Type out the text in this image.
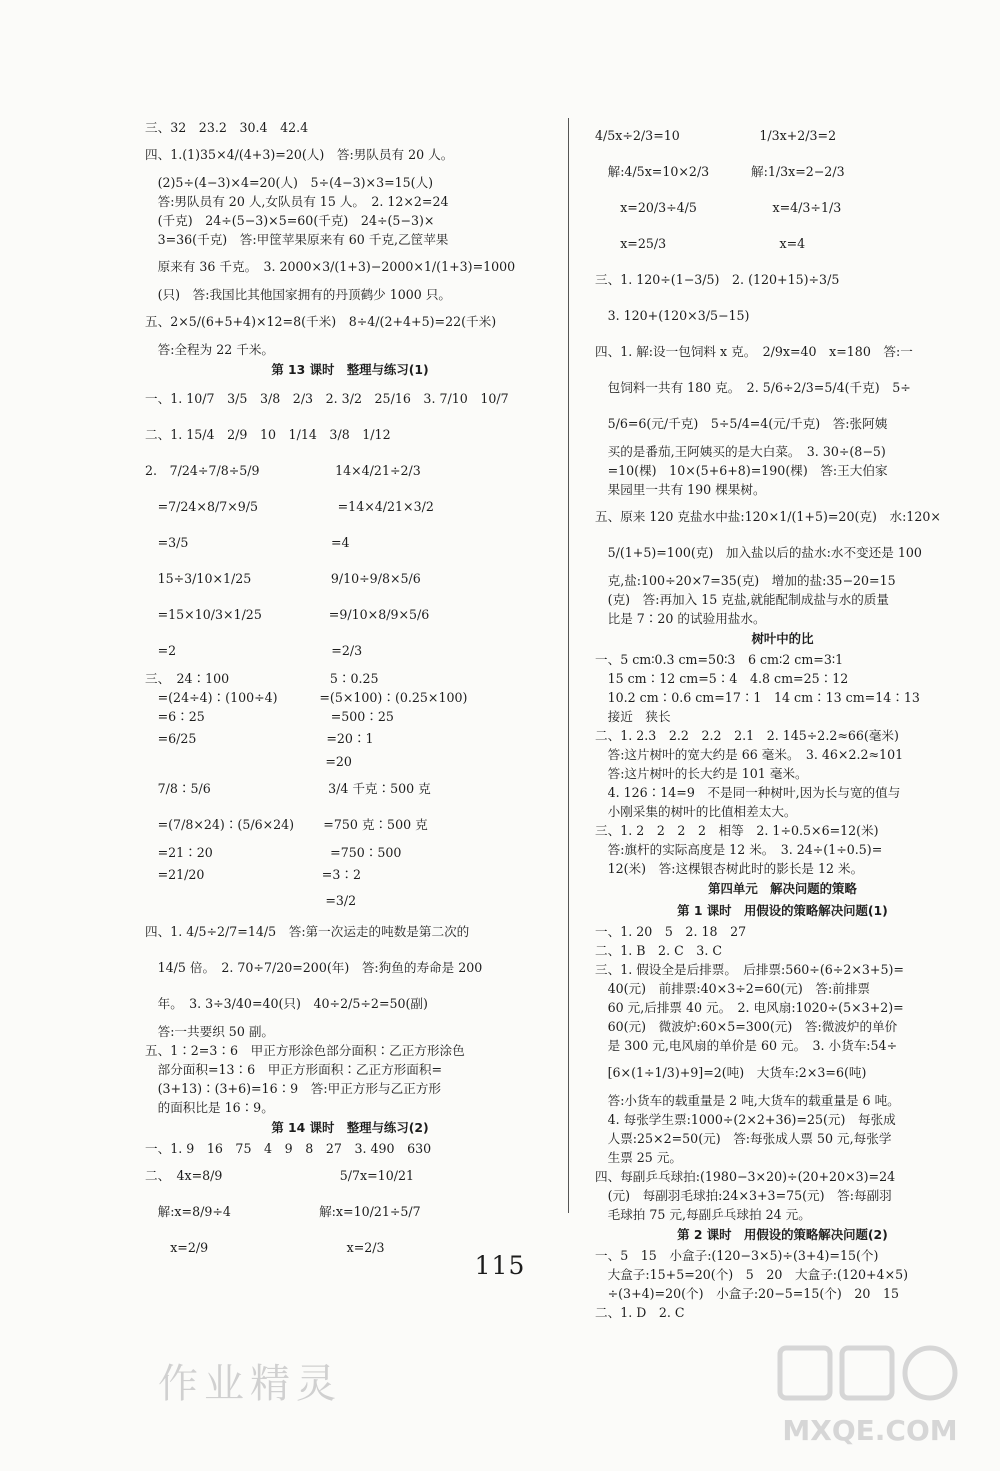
三、32　23.2　30.4　42.4
四、1.(1)35×4/(4+3)=20(人)　答:男队员有 20 人。
　(2)5÷(4−3)×4=20(人)　5÷(4−3)×3=15(人)
　答:男队员有 20 人,女队员有 15 人。　2. 12×2=24
　(千克)　24÷(5−3)×5=60(千克)　24÷(5−3)×
　3=36(千克)　答:甲筐苹果原来有 60 千克,乙筐苹果
　原来有 36 千克。　3. 2000×3/(1+3)−2000×1/(1+3)=1000
　(只)　答:我国比其他国家拥有的丹顶鹤少 1000 只。
五、2×5/(6+5+4)×12=8(千米)　8÷4/(2+4+5)=22(千米)
　答:全程为 22 千米。
第 13 课时　整理与练习(1)
一、1. 10/7　3/5　3/8　2/3　2. 3/2　25/16　3. 7/10　10/7
二、1. 15/4　2/9　10　1/14　3/8　1/12
2.　7/24÷7/8÷5/9　　　　　　14×4/21÷2/3
　=7/24×8/7×9/5　　　　　　 =14×4/21×3/2
　=3/5　　　　　　　　　　　 =4
　15÷3/10×1/25　　　　　　 9/10÷9/8×5/6
　=15×10/3×1/25　　　　　 =9/10×8/9×5/6
　=2　　　　　　　　　　　　 =2/3
三、　24∶100　　　　　　　　5∶0.25
　=(24÷4)∶(100÷4)　　　 =(5×100)∶(0.25×100)
　=6∶25　　　　　　　　　　=500∶25
　=6/25　　　　　　　　　　 =20∶1
　　　　　　　　　　　　　　 =20
　7/8∶5/6　　　　　　　　　 3/4 千克∶500 克
　=(7/8×24)∶(5/6×24)　　 =750 克∶500 克
　=21∶20　　　　　　　　　 =750∶500
　=21/20　　　　　　　　　 =3∶2
　　　　　　　　　　　　　　 =3/2
四、1. 4/5÷2/7=14/5　答:第一次运走的吨数是第二次的
　14/5 倍。　2. 70÷7/20=200(年)　答:狗鱼的寿命是 200
　年。　3. 3÷3/40=40(只)　40÷2/5÷2=50(副)
　答:一共要织 50 副。
五、1∶2=3∶6　甲正方形涂色部分面积∶乙正方形涂色
　部分面积=13∶6　甲正方形面积∶乙正方形面积=
　(3+13)∶(3+6)=16∶9　答:甲正方形与乙正方形
　的面积比是 16∶9。
第 14 课时　整理与练习(2)
一、1. 9　16　75　4　9　8　27　3. 490　630
二、　4x=8/9　　　　　　　　　 5/7x=10/21
　解:x=8/9÷4　　　　　　　解:x=10/21÷5/7
　　x=2/9　　　　　　　　　　　x=2/3
4/5x÷2/3=10　　　　　　 1/3x+2/3=2
　解:4/5x=10×2/3　　　 解:1/3x=2−2/3
　　x=20/3÷4/5　　　　　　x=4/3÷1/3
　　x=25/3　　　　　　　　　x=4
三、1. 120÷(1−3/5)　2. (120+15)÷3/5
　3. 120+(120×3/5−15)
四、1. 解:设一包饲料 x 克。　2/9x=40　x=180　答:一
　包饲料一共有 180 克。　2. 5/6÷2/3=5/4(千克)　5÷
　5/6=6(元/千克)　5÷5/4=4(元/千克)　答:张阿姨
　买的是番茄,王阿姨买的是大白菜。　3. 30÷(8−5)
　=10(棵)　10×(5+6+8)=190(棵)　答:王大伯家
　果园里一共有 190 棵果树。
五、原来 120 克盐水中盐:120×1/(1+5)=20(克)　水:120×
　5/(1+5)=100(克)　加入盐以后的盐水:水不变还是 100
　克,盐:100÷20×7=35(克)　增加的盐:35−20=15
　(克)　答:再加入 15 克盐,就能配制成盐与水的质量
　比是 7∶20 的试验用盐水。
树叶中的比
一、5 cm∶0.3 cm=50∶3　6 cm∶2 cm=3∶1
　15 cm∶12 cm=5∶4　4.8 cm=25∶12
　10.2 cm∶0.6 cm=17∶1　14 cm∶13 cm=14∶13
　接近　狭长
二、1. 2.3　2.2　2.2　2.1　2. 145÷2.2≈66(毫米)
　答:这片树叶的宽大约是 66 毫米。　3. 46×2.2≈101
　答:这片树叶的长大约是 101 毫米。
　4. 126∶14=9　不是同一种树叶,因为长与宽的值与
　小刚采集的树叶的比值相差太大。
三、1. 2　2　2　2　相等　2. 1÷0.5×6=12(米)
　答:旗杆的实际高度是 12 米。　3. 24÷(1÷0.5)=
　12(米)　答:这棵银杏树此时的影长是 12 米。
第四单元　解决问题的策略
第 1 课时　用假设的策略解决问题(1)
一、1. 20　5　2. 18　27
二、1. B　2. C　3. C
三、1. 假设全是后排票。　后排票:560÷(6÷2×3+5)=
　40(元)　前排票:40×3÷2=60(元)　答:前排票
　60 元,后排票 40 元。　2. 电风扇:1020÷(5×3+2)=
　60(元)　微波炉:60×5=300(元)　答:微波炉的单价
　是 300 元,电风扇的单价是 60 元。　3. 小货车:54÷
　[6×(1÷1/3)+9]=2(吨)　大货车:2×3=6(吨)
　答:小货车的载重量是 2 吨,大货车的载重量是 6 吨。
　4. 每张学生票:1000÷(2×2+36)=25(元)　每张成
　人票:25×2=50(元)　答:每张成人票 50 元,每张学
　生票 25 元。
四、每副乒乓球拍:(1980−3×20)÷(20+20×3)=24
　(元)　每副羽毛球拍:24×3+3=75(元)　答:每副羽
　毛球拍 75 元,每副乒乓球拍 24 元。
第 2 课时　用假设的策略解决问题(2)
一、5　15　小盒子:(120−3×5)÷(3+4)=15(个)
　大盒子:15+5=20(个)　5　20　大盒子:(120+4×5)
　÷(3+4)=20(个)　小盒子:20−5=15(个)　20　15
二、1. D　2. C
115
作业精灵
MXQE.COM
